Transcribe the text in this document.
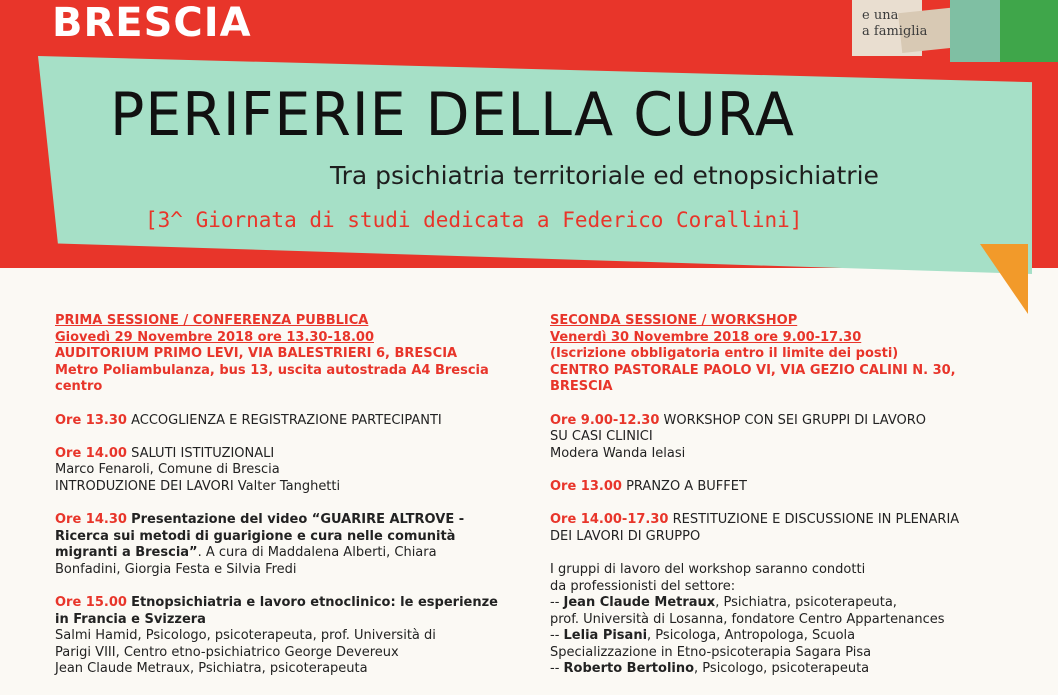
BRESCIA	e una
a famiglia
PERIFERIE DELLA CURA
Tra psichiatria territoriale ed etnopsichiatrie
[3^ Giornata di studi dedicata a Federico Corallini]
PRIMA SESSIONE / CONFERENZA PUBBLICA
Giovedì 29 Novembre 2018 ore 13.30-18.00
AUDITORIUM PRIMO LEVI, VIA BALESTRIERI 6, BRESCIA
Metro Poliambulanza, bus 13, uscita autostrada A4 Brescia
centro
Ore 13.30 ACCOGLIENZA E REGISTRAZIONE PARTECIPANTI
Ore 14.00 SALUTI ISTITUZIONALI
Marco Fenaroli, Comune di Brescia
INTRODUZIONE DEI LAVORI Valter Tanghetti
Ore 14.30 Presentazione del video “GUARIRE ALTROVE -
Ricerca sui metodi di guarigione e cura nelle comunità
migranti a Brescia”. A cura di Maddalena Alberti, Chiara
Bonfadini, Giorgia Festa e Silvia Fredi
Ore 15.00 Etnopsichiatria e lavoro etnoclinico: le esperienze
in Francia e Svizzera
Salmi Hamid, Psicologo, psicoterapeuta, prof. Università di
Parigi VIII, Centro etno-psichiatrico George Devereux
Jean Claude Metraux, Psichiatra, psicoterapeuta
SECONDA SESSIONE / WORKSHOP
Venerdì 30 Novembre 2018 ore 9.00-17.30
(Iscrizione obbligatoria entro il limite dei posti)
CENTRO PASTORALE PAOLO VI, VIA GEZIO CALINI N. 30,
BRESCIA
Ore 9.00-12.30 WORKSHOP CON SEI GRUPPI DI LAVORO
SU CASI CLINICI
Modera Wanda Ielasi
Ore 13.00 PRANZO A BUFFET
Ore 14.00-17.30 RESTITUZIONE E DISCUSSIONE IN PLENARIA
DEI LAVORI DI GRUPPO
I gruppi di lavoro del workshop saranno condotti
da professionisti del settore:
-- Jean Claude Metraux, Psichiatra, psicoterapeuta,
prof. Università di Losanna, fondatore Centro Appartenances
-- Lelia Pisani, Psicologa, Antropologa, Scuola
Specializzazione in Etno-psicoterapia Sagara Pisa
-- Roberto Bertolino, Psicologo, psicoterapeuta
